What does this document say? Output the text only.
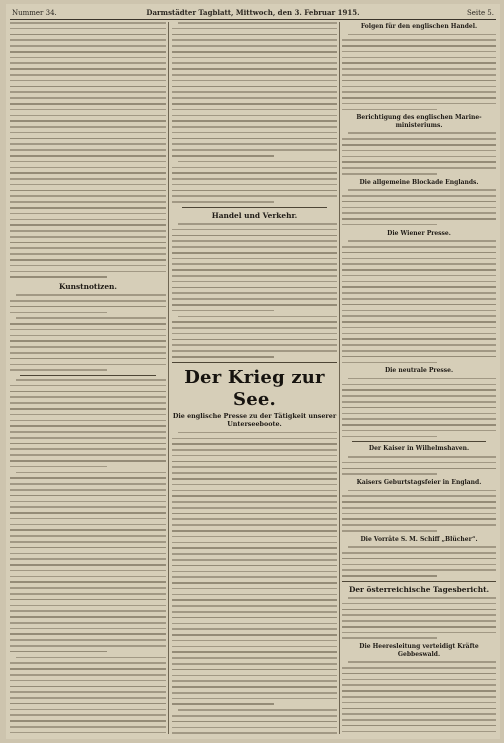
Nummer 34.	Darmstädter Tagblatt, Mittwoch, den 3. Februar 1915.	Seite 5.
Kunstnotizen.
Handel und Verkehr.
Der Krieg zur See.
Die englische Presse zu der Tätigkeit unserer Unterseeboote.
Folgen für den englischen Handel.
Berichtigung des englischen Marine-ministeriums.
Die allgemeine Blockade Englands.
Die Wiener Presse.
Die neutrale Presse.
Der Kaiser in Wilhelmshaven.
Kaisers Geburtstagsfeier in England.
Die Vorräte S. M. Schiff „Blücher“.
Der österreichische Tagesbericht.
Die Heeresleitung verteidigt Kräfte Gebbeswald.
